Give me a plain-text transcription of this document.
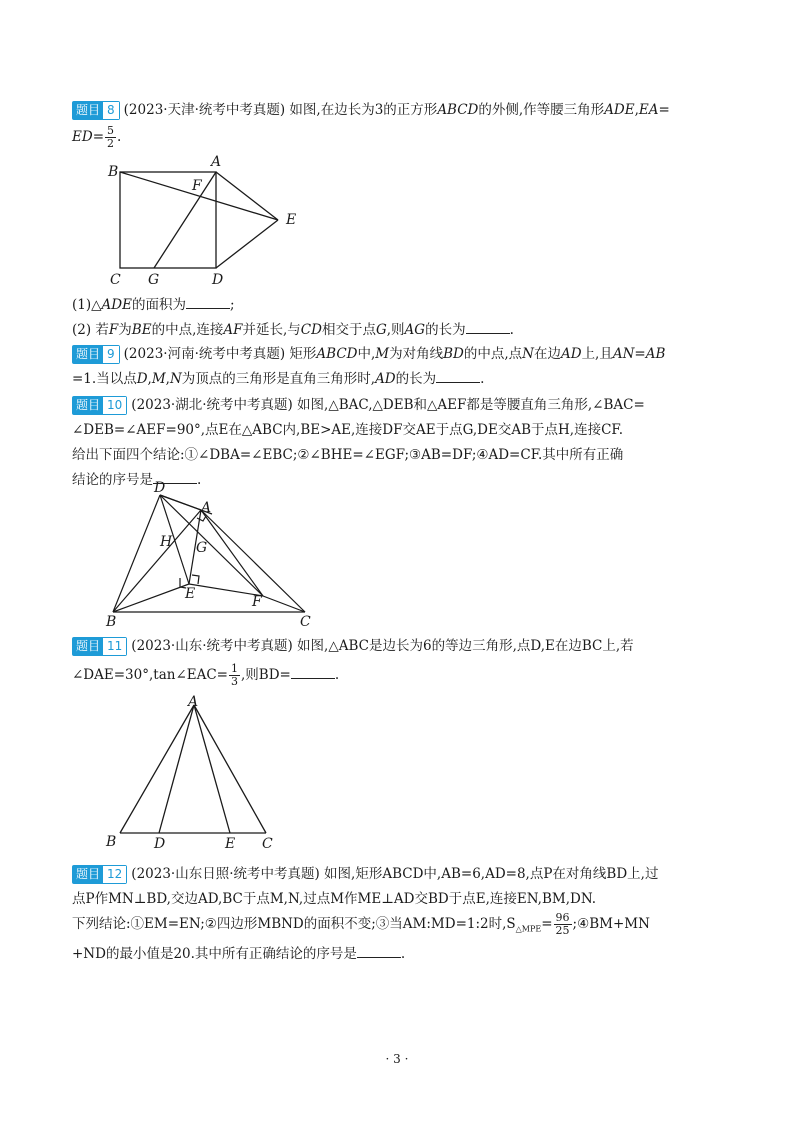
题目 8 (2023·天津·统考中考真题) 如图,在边长为3的正方形ABCD的外侧,作等腰三角形ADE,EA=
$ED= \frac{5}{2}$ .
B
A
F
E
C G	D
(1)△ADE的面积为	;
(2) 若F为BE的中点,连接AF并延长,与CD相交于点G,则AG的长为	.
题目 9 (2023·河南·统考中考真题) 矩形ABCD中,M为对角线BD的中点,点N在边AD上,且AN=AB
=1.当以点D,M,N为顶点的三角形是直角三角形时,AD的长为	.
题目 10 (2023·湖北·统考中考真题) 如图,△BAC,△DEB和△AEF都是等腰直角三角形,∠BAC=
∠DEB=∠AEF=90°,点E在△ABC内,BE>AE,连接DF交AE于点G,DE交AB于点H,连接CF.
给出下面四个结论:①∠DBA=∠EBC;②∠BHE=∠EGF;③AB=DF;④AD=CF.其中所有正确
结论的序号是	.
D
A
H G
E	F
B	C
题目 11 (2023·山东·统考中考真题) 如图,△ABC是边长为6的等边三角形,点D,E在边BC上,若
∠DAE=30°,tan∠EAC= $\frac{1}{3}$ ,则BD=	.
A
B	D	E C
题目 12 (2023·山东日照·统考中考真题) 如图,矩形ABCD中,AB=6,AD=8,点P在对角线BD上,过
点P作MN⊥BD,交边AD,BC于点M,N,过点M作ME⊥AD交BD于点E,连接EN,BM,DN.
下列结论:①EM=EN;②四边形MBND的面积不变;③当AM:MD=1:2时$,S_{\triangle MPE}= \frac{96}{25}$ ;④BM+MN
+ND的最小值是20.其中所有正确结论的序号是	.
· 3 ·
